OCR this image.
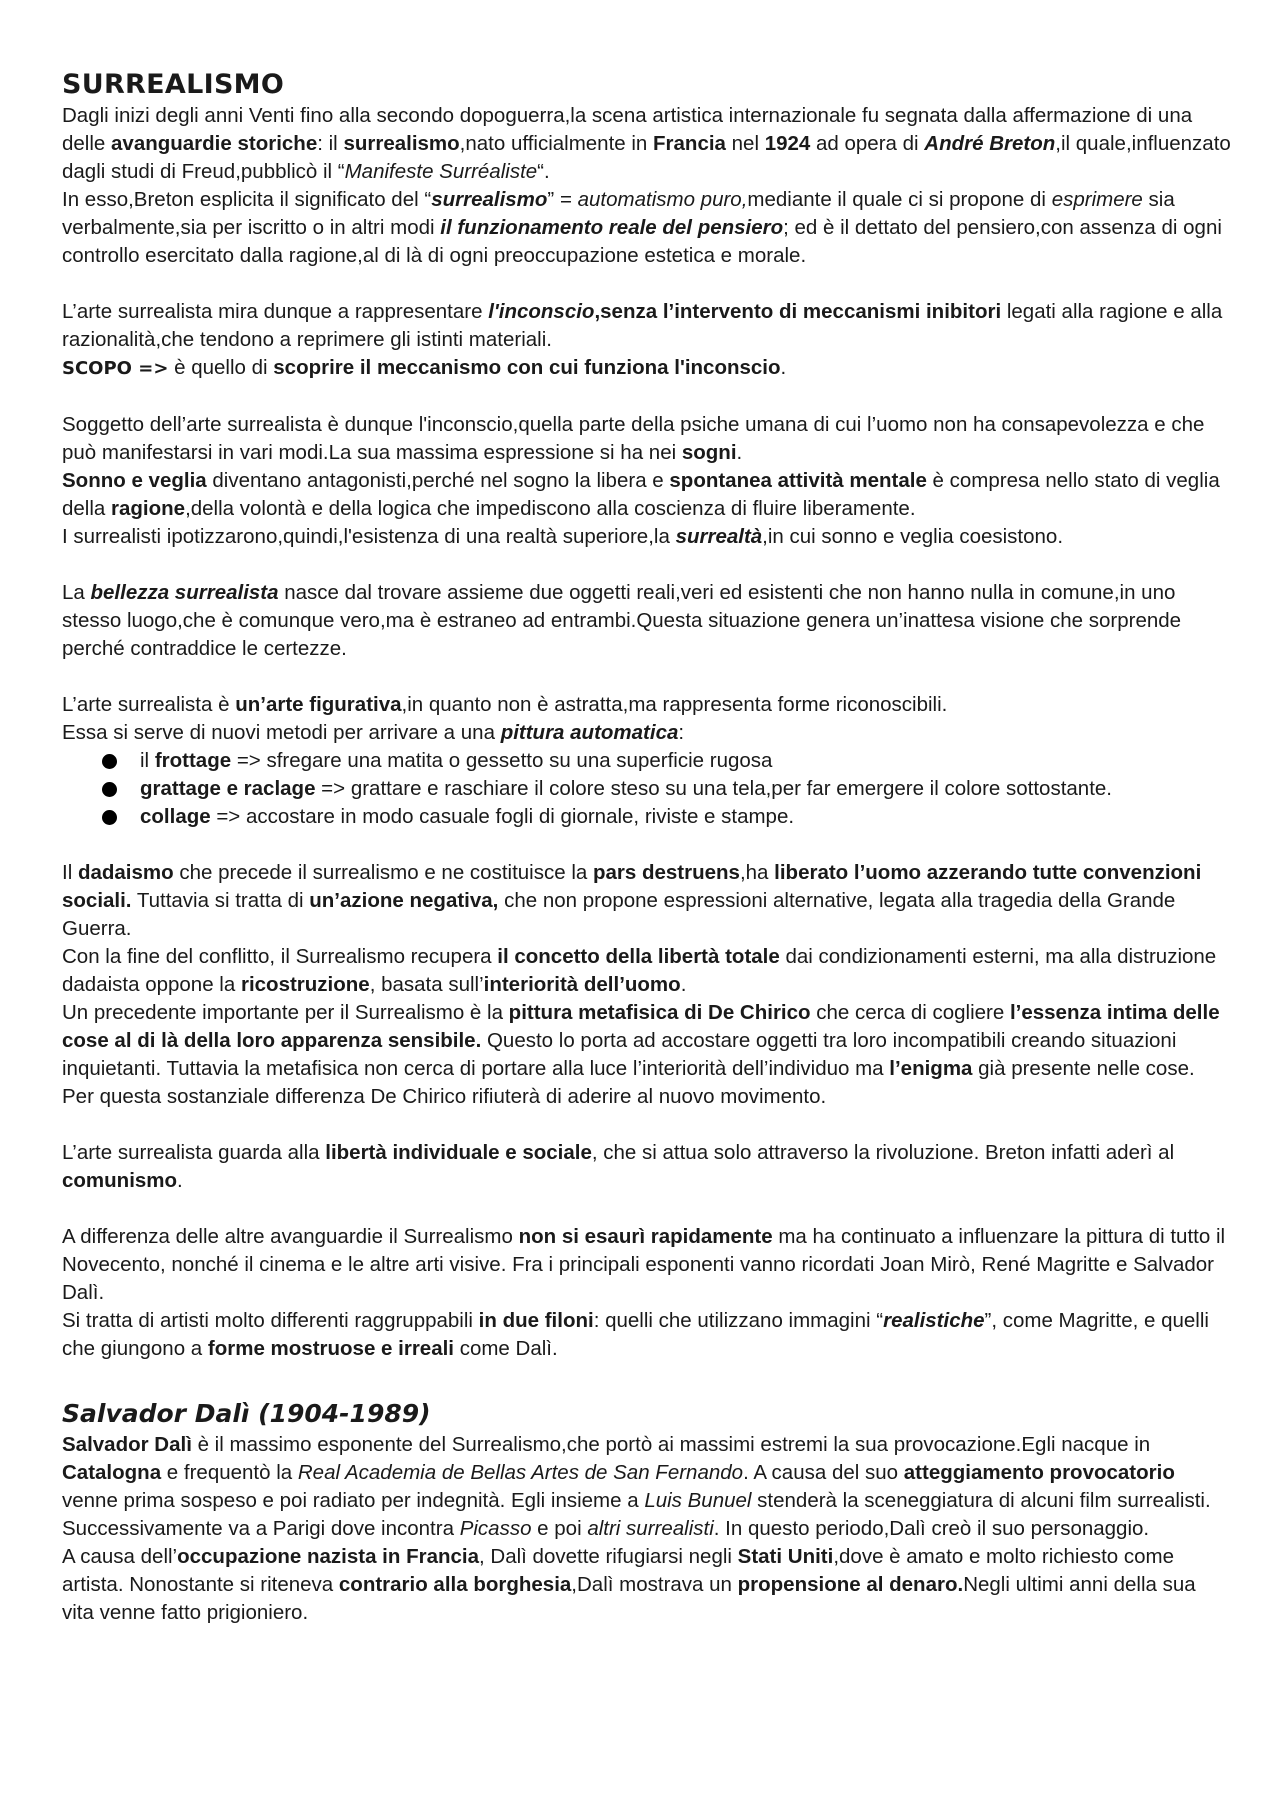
SURREALISMO

Dagli inizi degli anni Venti fino alla secondo dopoguerra,la scena artistica internazionale fu segnata dalla affermazione di una delle avanguardie storiche: il surrealismo,nato ufficialmente in Francia nel 1924 ad opera di André Breton,il quale,influenzato dagli studi di Freud,pubblicò il “Manifeste Surréaliste“.

In esso,Breton esplicita il significato del “surrealismo” = automatismo puro,mediante il quale ci si propone di esprimere sia verbalmente,sia per iscritto o in altri modi il funzionamento reale del pensiero; ed è il dettato del pensiero,con assenza di ogni controllo esercitato dalla ragione,al di là di ogni preoccupazione estetica e morale.

L’arte surrealista mira dunque a rappresentare l'inconscio,senza l’intervento di meccanismi inibitori legati alla ragione e alla razionalità,che tendono a reprimere gli istinti materiali.

SCOPO => è quello di scoprire il meccanismo con cui funziona l'inconscio.

Soggetto dell’arte surrealista è dunque l'inconscio,quella parte della psiche umana di cui l’uomo non ha consapevolezza e che può manifestarsi in vari modi.La sua massima espressione si ha nei sogni.

Sonno e veglia diventano antagonisti,perché nel sogno la libera e spontanea attività mentale è compresa nello stato di veglia della ragione,della volontà e della logica che impediscono alla coscienza di fluire liberamente.

I surrealisti ipotizzarono,quindi,l'esistenza di una realtà superiore,la surrealtà,in cui sonno e veglia coesistono.

La bellezza surrealista nasce dal trovare assieme due oggetti reali,veri ed esistenti che non hanno nulla in comune,in uno stesso luogo,che è comunque vero,ma è estraneo ad entrambi.Questa situazione genera un’inattesa visione che sorprende perché contraddice le certezze.

L’arte surrealista è un’arte figurativa,in quanto non è astratta,ma rappresenta forme riconoscibili.

Essa si serve di nuovi metodi per arrivare a una pittura automatica:

il frottage => sfregare una matita o gessetto su una superficie rugosa
grattage e raclage => grattare e raschiare il colore steso su una tela,per far emergere il colore sottostante.
collage => accostare in modo casuale fogli di giornale, riviste e stampe.

Il dadaismo che precede il surrealismo e ne costituisce la pars destruens,ha liberato l’uomo azzerando tutte convenzioni sociali. Tuttavia si tratta di un’azione negativa, che non propone espressioni alternative, legata alla tragedia della Grande Guerra.

Con la fine del conflitto, il Surrealismo recupera il concetto della libertà totale dai condizionamenti esterni, ma alla distruzione dadaista oppone la ricostruzione, basata sull’interiorità dell’uomo.

Un precedente importante per il Surrealismo è la pittura metafisica di De Chirico che cerca di cogliere l’essenza intima delle cose al di là della loro apparenza sensibile. Questo lo porta ad accostare oggetti tra loro incompatibili creando situazioni inquietanti. Tuttavia la metafisica non cerca di portare alla luce l’interiorità dell’individuo ma l’enigma già presente nelle cose.

Per questa sostanziale differenza De Chirico rifiuterà di aderire al nuovo movimento.

L’arte surrealista guarda alla libertà individuale e sociale, che si attua solo attraverso la rivoluzione. Breton infatti aderì al comunismo.

A differenza delle altre avanguardie il Surrealismo non si esaurì rapidamente ma ha continuato a influenzare la pittura di tutto il Novecento, nonché il cinema e le altre arti visive. Fra i principali esponenti vanno ricordati Joan Mirò, René Magritte e Salvador Dalì.

Si tratta di artisti molto differenti raggruppabili in due filoni: quelli che utilizzano immagini “realistiche”, come Magritte, e quelli che giungono a forme mostruose e irreali come Dalì.

Salvador Dalì (1904-1989)

Salvador Dalì è il massimo esponente del Surrealismo,che portò ai massimi estremi la sua provocazione.Egli nacque in Catalogna e frequentò la Real Academia de Bellas Artes de San Fernando. A causa del suo atteggiamento provocatorio venne prima sospeso e poi radiato per indegnità. Egli insieme a Luis Bunuel stenderà la sceneggiatura di alcuni film surrealisti. Successivamente va a Parigi dove incontra Picasso e poi altri surrealisti. In questo periodo,Dalì creò il suo personaggio.

A causa dell’occupazione nazista in Francia, Dalì dovette rifugiarsi negli Stati Uniti,dove è amato e molto richiesto come artista. Nonostante si riteneva contrario alla borghesia,Dalì mostrava un propensione al denaro.Negli ultimi anni della sua vita venne fatto prigioniero.
